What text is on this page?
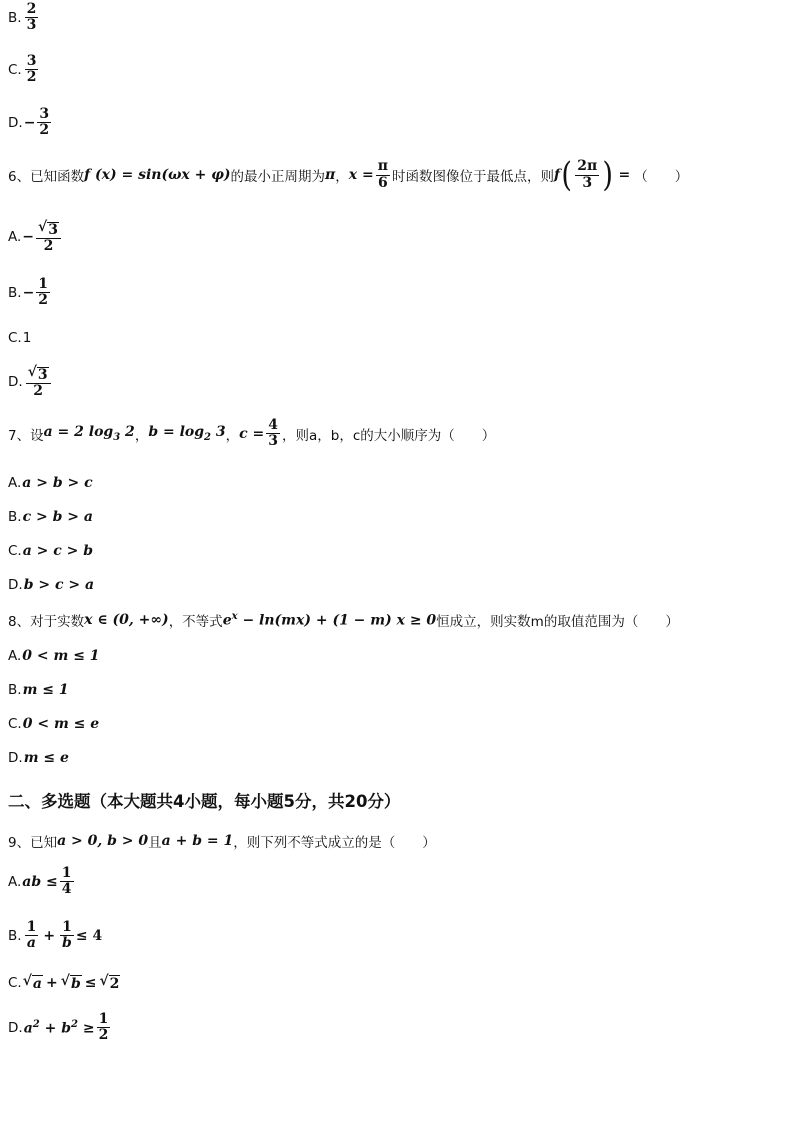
B. $\frac{2}{3}$
C. $\frac{3}{2}$
D. − $\frac{3}{2}$
6、已知函数 f (x) = sin(ωx + φ) 的最小正周期为 π ， $x = \frac{\pi}{6}$ 时函数图像位于最低点，则 f ( $\frac{2\pi}{3}$ ) = （　　）
A. − $\frac{√ 3}{2}$
B. − $\frac{1}{2}$
C. 1
D. $\frac{√ 3}{2}$
7、设 a = 2 $\log_3 2$ ， $b = \log_2 3$ ， $c = \frac{4}{3}$ ，则a，b，c的大小顺序为（　　）
A. a > b > c
B. c > b > a
C. a > c > b
D. b > c > a
8、对于实数 x ∈ (0, +∞) ，不等式 $e^x - \ln(mx) + (1 - m) x \ge 0$ 恒成立，则实数m的取值范围为（　　）
A. 0 < m ≤ 1
B. m ≤ 1
C. 0 < m ≤ e
D. m ≤ e
二、多选题（本大题共4小题，每小题5分，共20分）
9、已知 a > 0, b > 0 且 a + b = 1 ，则下列不等式成立的是（　　）
A. ab ≤ $\frac{1}{4}$
B. $\frac{1}{a} + \frac{1}{b} \le 4$
C. √ a + √ b ≤ √ 2
D. $a^2 + b^2 \ge \frac{1}{2}$
